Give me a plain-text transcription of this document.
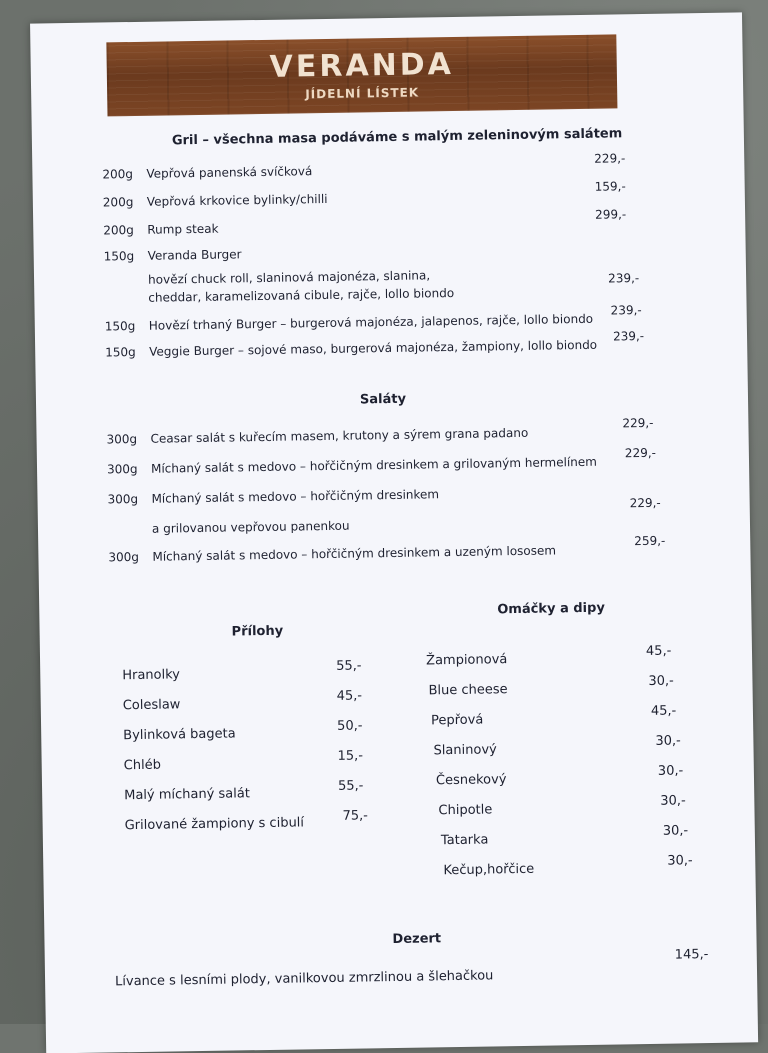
VERANDA
JÍDELNÍ LÍSTEK
Gril – všechna masa podáváme s malým zeleninovým salátem
200g Vepřová panenská svíčková
229,-
200g Vepřová krkovice bylinky/chilli
159,-
200g Rump steak
299,-
150g Veranda Burger
hovězí chuck roll, slaninová majonéza, slanina,
cheddar, karamelizovaná cibule, rajče, lollo biondo
239,-
150g Hovězí trhaný Burger – burgerová majonéza, jalapenos, rajče, lollo biondo
239,-
150g Veggie Burger – sojové maso, burgerová majonéza, žampiony, lollo biondo
239,-
Saláty
300g Ceasar salát s kuřecím masem, krutony a sýrem grana padano
229,-
300g Míchaný salát s medovo – hořčičným dresinkem a grilovaným hermelínem
229,-
300g Míchaný salát s medovo – hořčičným dresinkem
a grilovanou vepřovou panenkou
229,-
300g Míchaný salát s medovo – hořčičným dresinkem a uzeným lososem
259,-
Přílohy
Hranolky
55,-
Coleslaw
45,-
Bylinková bageta
50,-
Chléb
15,-
Malý míchaný salát
55,-
Grilované žampiony s cibulí	75,-
Omáčky a dipy
Žampionová
45,-
Blue cheese
30,-
Pepřová
45,-
Slaninový
30,-
Česnekový
30,-
Chipotle
30,-
Tatarka
30,-
Kečup,hořčice
30,-
Dezert
Lívance s lesními plody, vanilkovou zmrzlinou a šlehačkou
145,-
